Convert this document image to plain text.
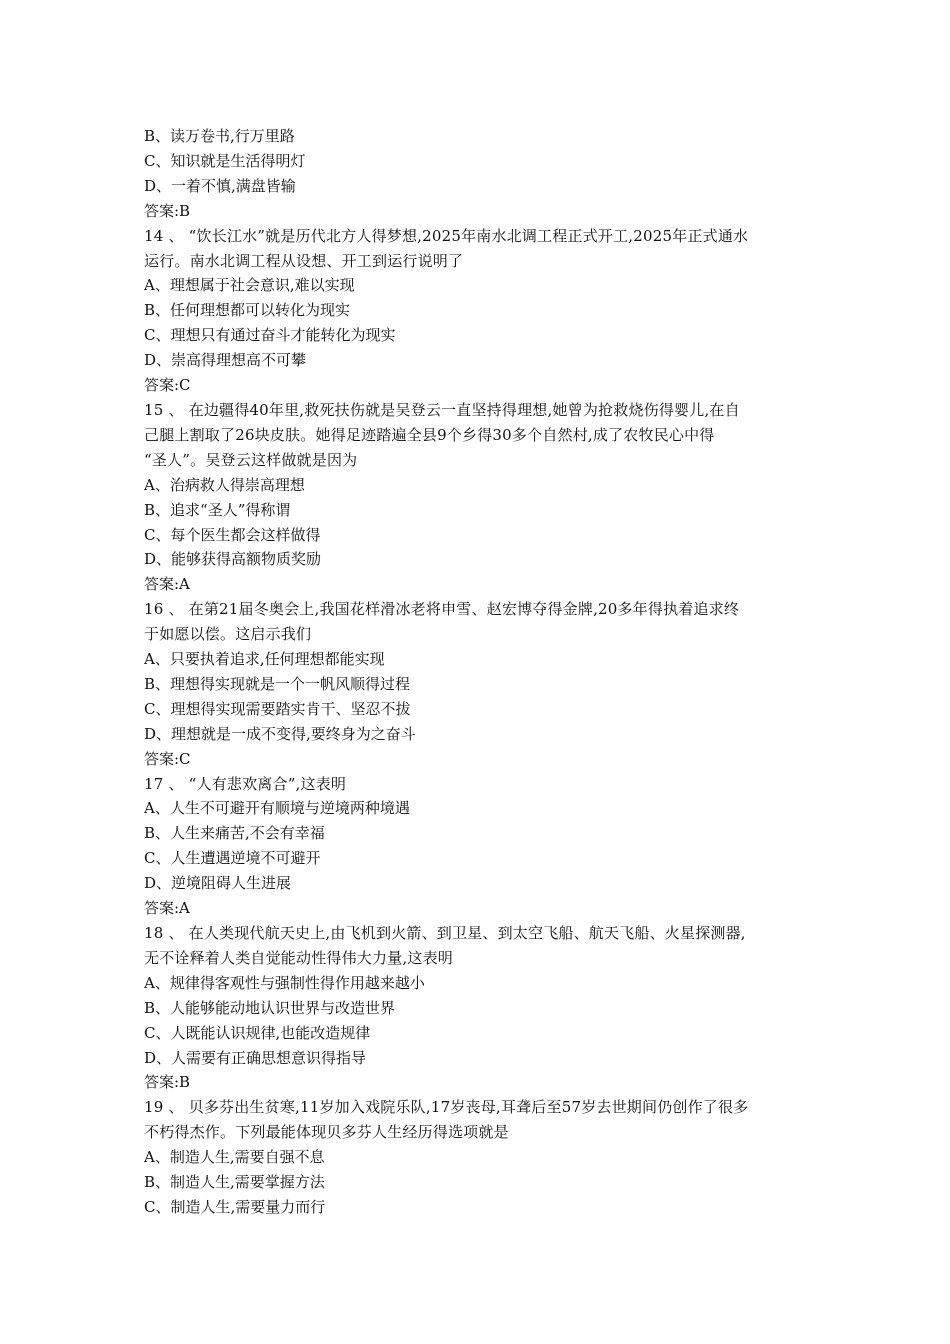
B、读万卷书,行万里路
C、知识就是生活得明灯
D、一着不慎,满盘皆输
答案:B
14 、 “饮长江水”就是历代北方人得梦想,2025年南水北调工程正式开工,2025年正式通水
运行。南水北调工程从设想、开工到运行说明了
A、理想属于社会意识,难以实现
B、任何理想都可以转化为现实
C、理想只有通过奋斗才能转化为现实
D、崇高得理想高不可攀
答案:C
15 、 在边疆得40年里,救死扶伤就是吴登云一直坚持得理想,她曾为抢救烧伤得婴儿,在自
己腿上割取了26块皮肤。她得足迹踏遍全县9个乡得30多个自然村,成了农牧民心中得
“圣人”。吴登云这样做就是因为
A、治病救人得崇高理想
B、追求“圣人”得称谓
C、每个医生都会这样做得
D、能够获得高额物质奖励
答案:A
16 、 在第21届冬奥会上,我国花样滑冰老将申雪、赵宏博夺得金牌,20多年得执着追求终
于如愿以偿。这启示我们
A、只要执着追求,任何理想都能实现
B、理想得实现就是一个一帆风顺得过程
C、理想得实现需要踏实肯干、坚忍不拔
D、理想就是一成不变得,要终身为之奋斗
答案:C
17 、 “人有悲欢离合”,这表明
A、人生不可避开有顺境与逆境两种境遇
B、人生来痛苦,不会有幸福
C、人生遭遇逆境不可避开
D、逆境阻碍人生进展
答案:A
18 、 在人类现代航天史上,由飞机到火箭、到卫星、到太空飞船、航天飞船、火星探测器,
无不诠释着人类自觉能动性得伟大力量,这表明
A、规律得客观性与强制性得作用越来越小
B、人能够能动地认识世界与改造世界
C、人既能认识规律,也能改造规律
D、人需要有正确思想意识得指导
答案:B
19 、 贝多芬出生贫寒,11岁加入戏院乐队,17岁丧母,耳聋后至57岁去世期间仍创作了很多
不朽得杰作。下列最能体现贝多芬人生经历得选项就是
A、制造人生,需要自强不息
B、制造人生,需要掌握方法
C、制造人生,需要量力而行
